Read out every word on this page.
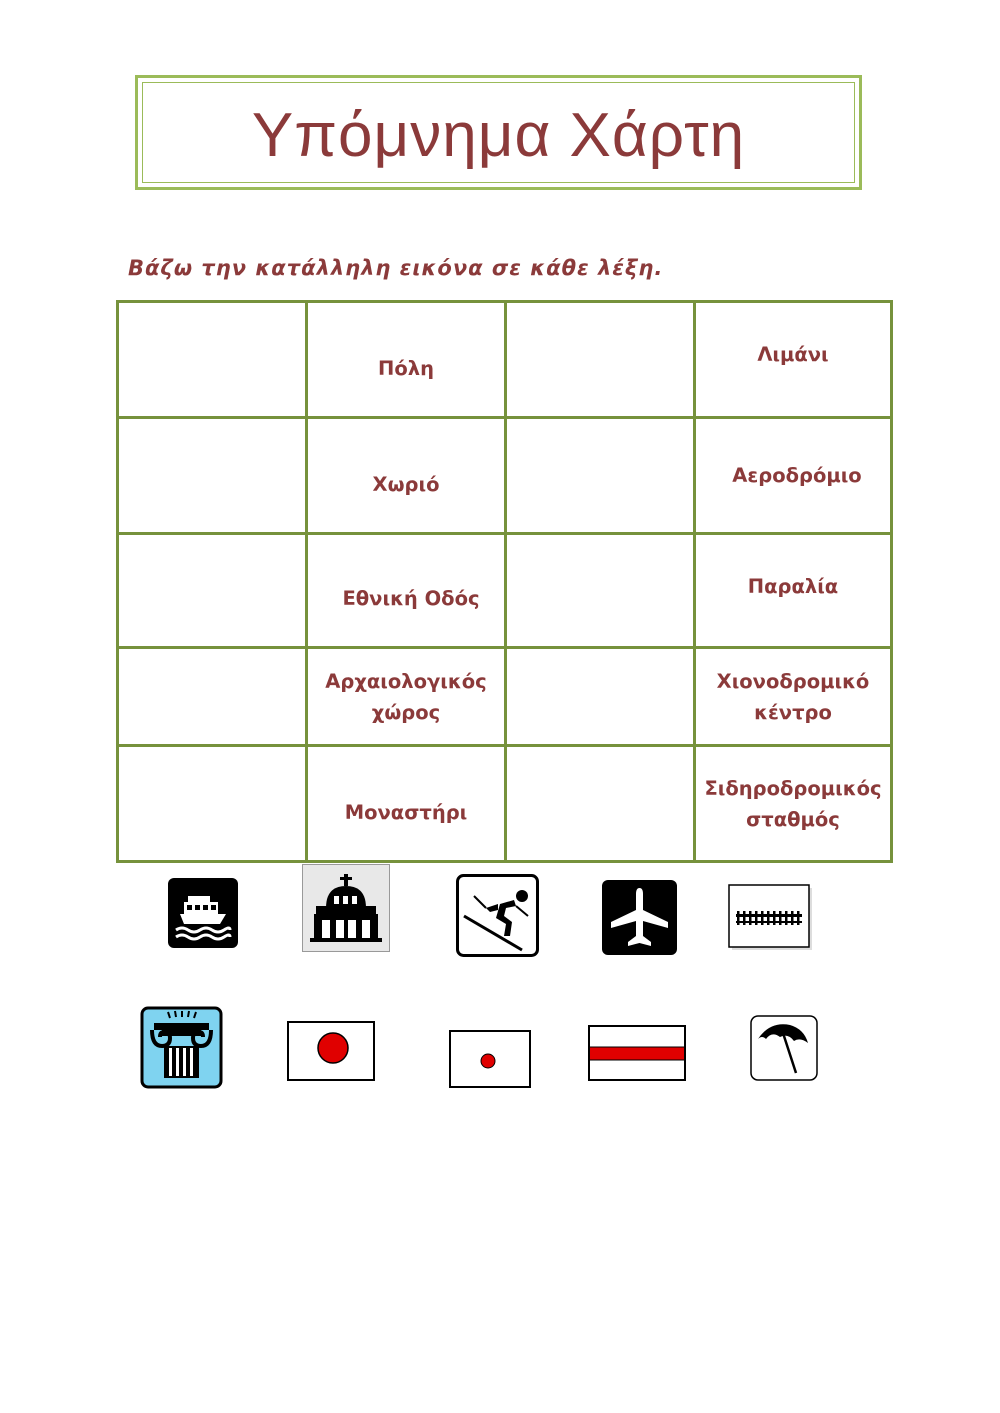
Υπόμνημα Χάρτη
Βάζω την κατάλληλη εικόνα σε κάθε λέξη.
	Πόλη		Λιμάνι
	Χωριό		Αεροδρόμιο
	Εθνική Οδός		Παραλία
	Αρχαιολογικός χώρος		Χιονοδρομικό κέντρο
	Μοναστήρι		Σιδηροδρομικός σταθμός
